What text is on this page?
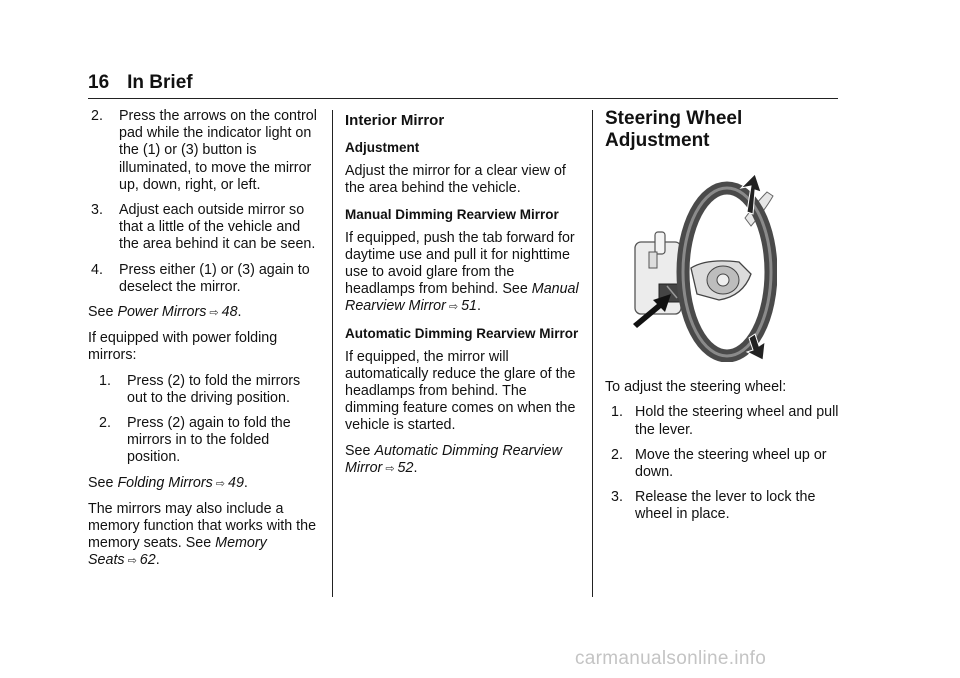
16 In Brief
2.	Press the arrows on the control pad while the indicator light on the (1) or (3) button is illuminated, to move the mirror up, down, right, or left.
3.	Adjust each outside mirror so that a little of the vehicle and the area behind it can be seen.
4.	Press either (1) or (3) again to deselect the mirror.

See Power Mirrors ⇨ 48.

If equipped with power folding mirrors:

1.	Press (2) to fold the mirrors out to the driving position.
2.	Press (2) again to fold the mirrors in to the folded position.

See Folding Mirrors ⇨ 49.

The mirrors may also include a memory function that works with the memory seats. See Memory Seats ⇨ 62.

Interior Mirror
Adjustment

Adjust the mirror for a clear view of the area behind the vehicle.

Manual Dimming Rearview Mirror

If equipped, push the tab forward for daytime use and pull it for nighttime use to avoid glare from the headlamps from behind. See Manual Rearview Mirror ⇨ 51.

Automatic Dimming Rearview Mirror

If equipped, the mirror will automatically reduce the glare of the headlamps from behind. The dimming feature comes on when the vehicle is started.

See Automatic Dimming Rearview Mirror ⇨ 52.

Steering Wheel Adjustment

To adjust the steering wheel:

1. Hold the steering wheel and pull the lever.
2. Move the steering wheel up or down.
3. Release the lever to lock the wheel in place.
carmanualsonline.info
